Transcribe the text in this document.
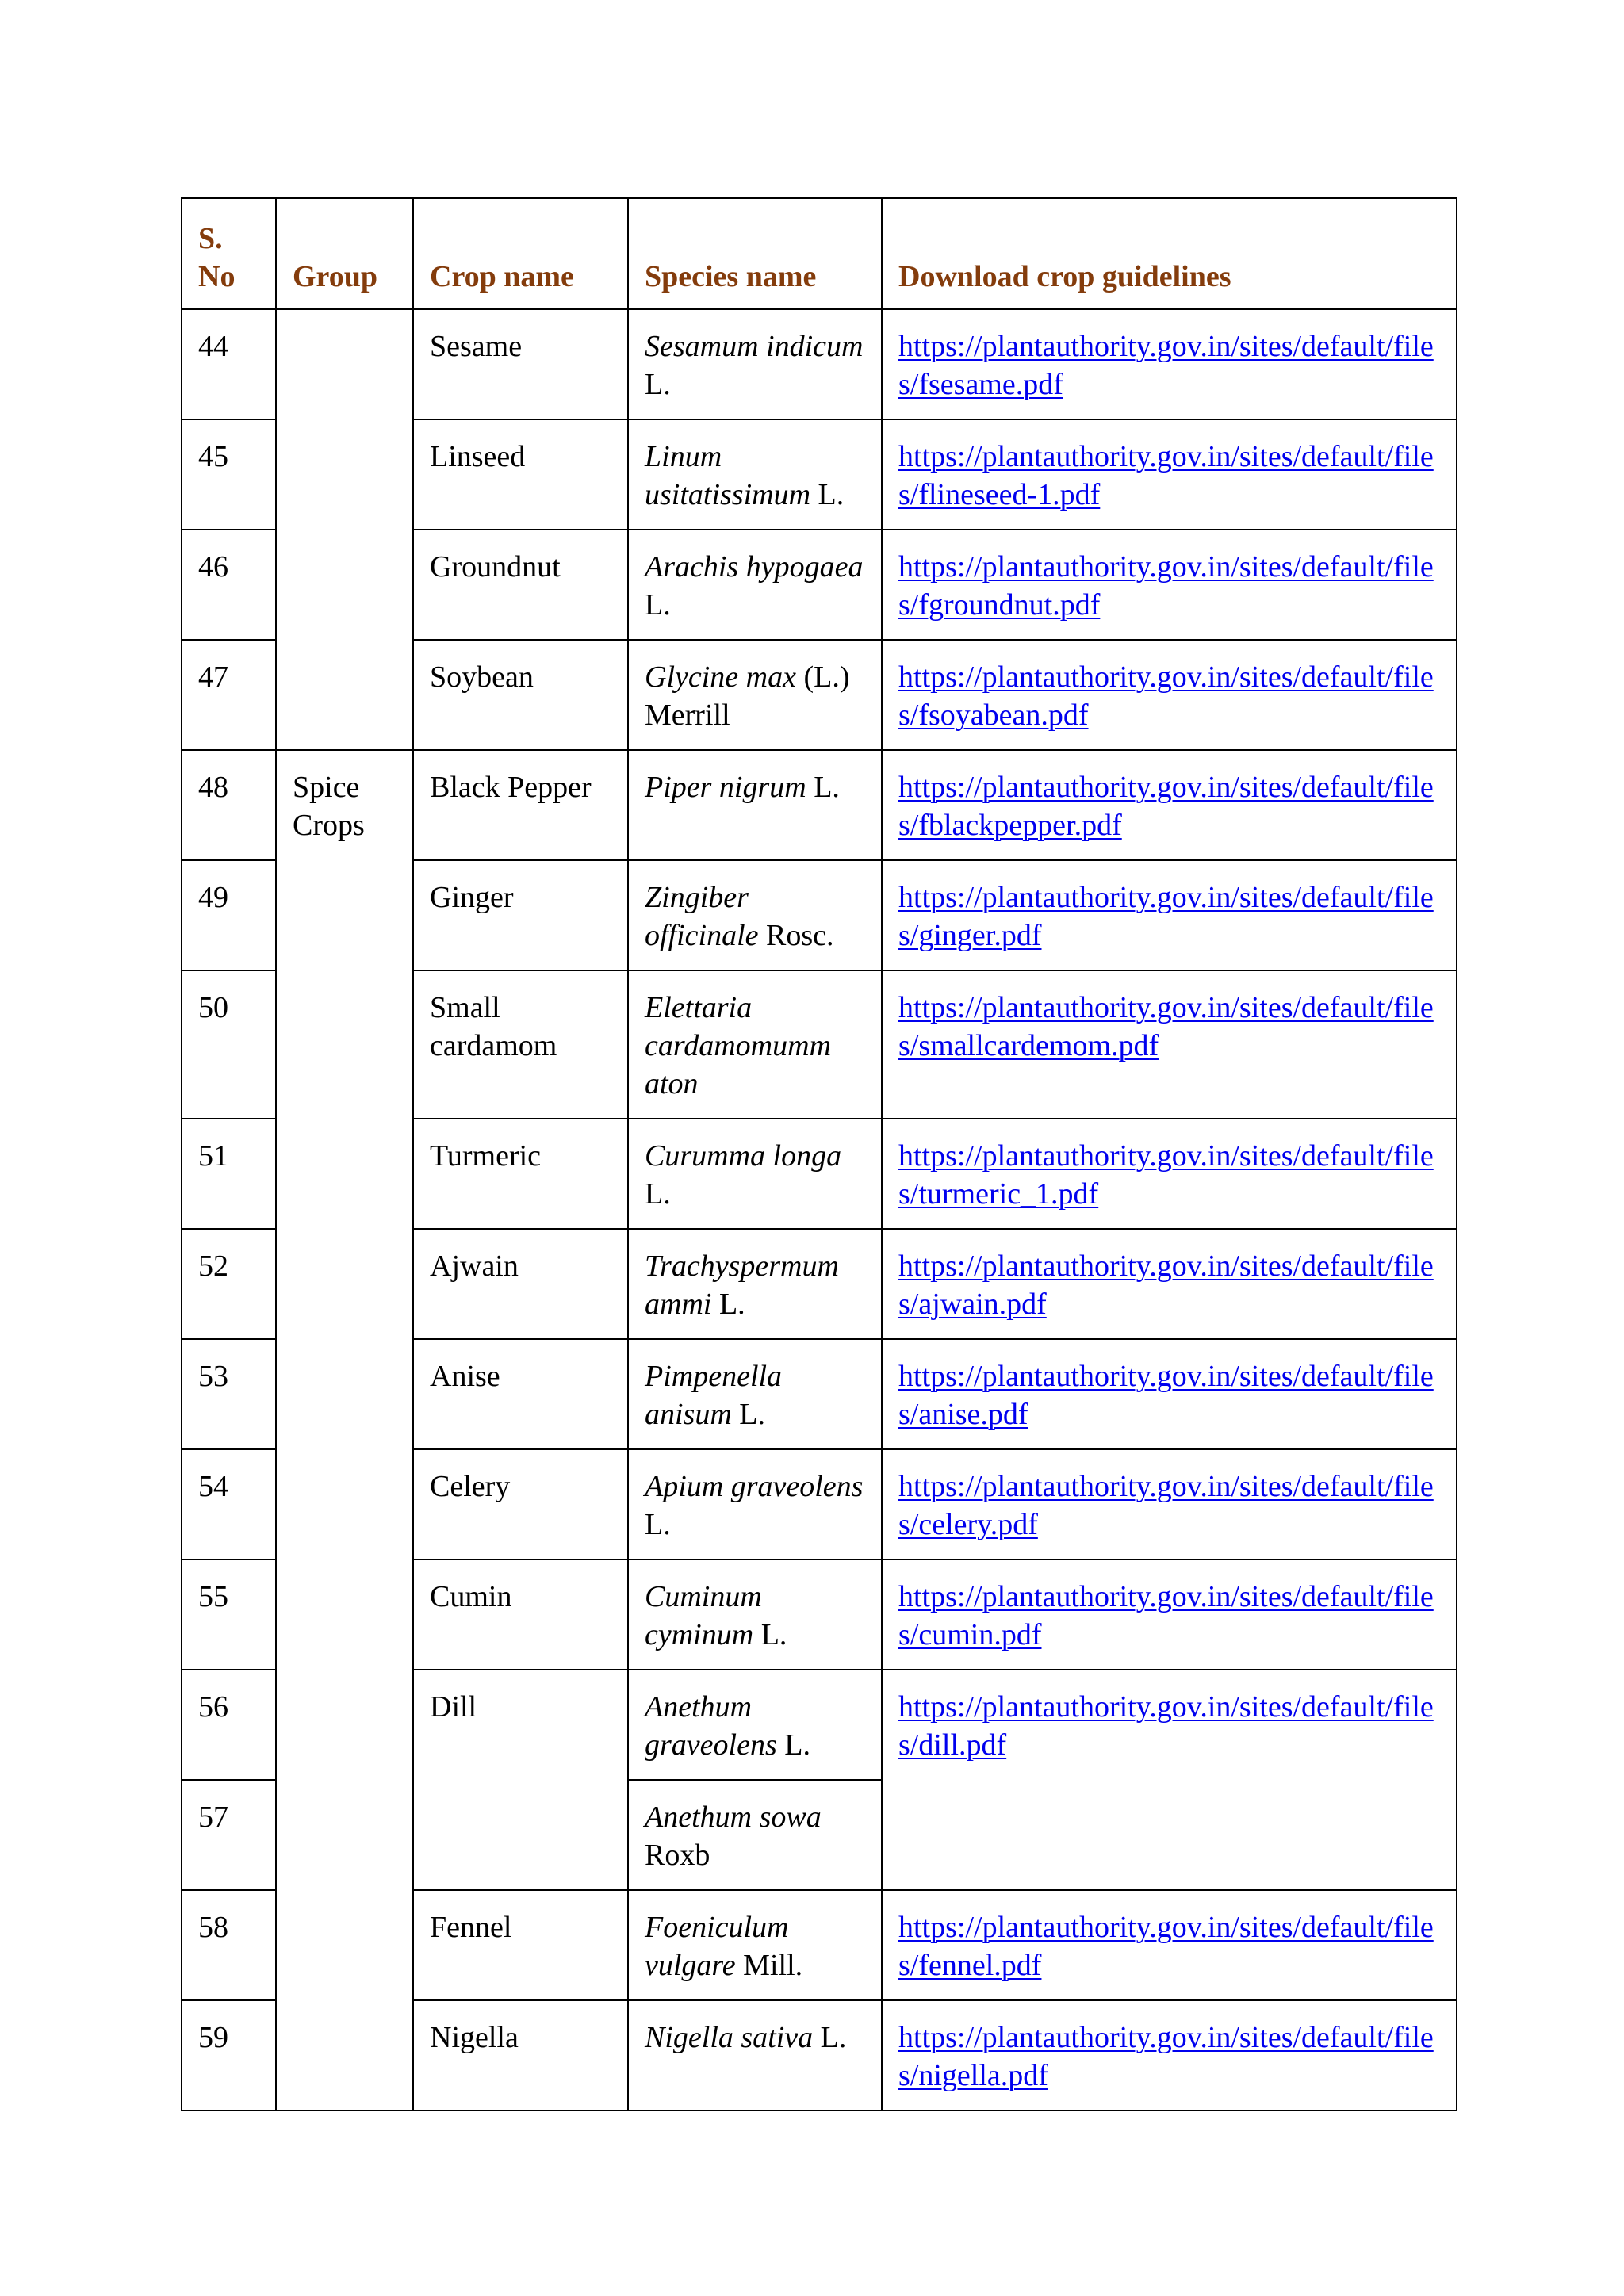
S. No	Group	Crop name	Species name	Download crop guidelines
44		Sesame	Sesamum indicum L.	https://plantauthority.gov.in/sites/default/files/fsesame.pdf
45		Linseed	Linum usitatissimum L.	https://plantauthority.gov.in/sites/default/files/flineseed-1.pdf
46		Groundnut	Arachis hypogaea L.	https://plantauthority.gov.in/sites/default/files/fgroundnut.pdf
47		Soybean	Glycine max (L.) Merrill	https://plantauthority.gov.in/sites/default/files/fsoyabean.pdf
48	Spice Crops	Black Pepper	Piper nigrum L.	https://plantauthority.gov.in/sites/default/files/fblackpepper.pdf
49		Ginger	Zingiber officinale Rosc.	https://plantauthority.gov.in/sites/default/files/ginger.pdf
50		Small cardamom	Elettaria cardamomumm aton	https://plantauthority.gov.in/sites/default/files/smallcardemom.pdf
51		Turmeric	Curumma longa L.	https://plantauthority.gov.in/sites/default/files/turmeric_1.pdf
52		Ajwain	Trachyspermum ammi L.	https://plantauthority.gov.in/sites/default/files/ajwain.pdf
53		Anise	Pimpenella anisum L.	https://plantauthority.gov.in/sites/default/files/anise.pdf
54		Celery	Apium graveolens L.	https://plantauthority.gov.in/sites/default/files/celery.pdf
55		Cumin	Cuminum cyminum L.	https://plantauthority.gov.in/sites/default/files/cumin.pdf
56		Dill	Anethum graveolens L.	https://plantauthority.gov.in/sites/default/files/dill.pdf
57			Anethum sowa Roxb	
58		Fennel	Foeniculum vulgare Mill.	https://plantauthority.gov.in/sites/default/files/fennel.pdf
59		Nigella	Nigella sativa L.	https://plantauthority.gov.in/sites/default/files/nigella.pdf
